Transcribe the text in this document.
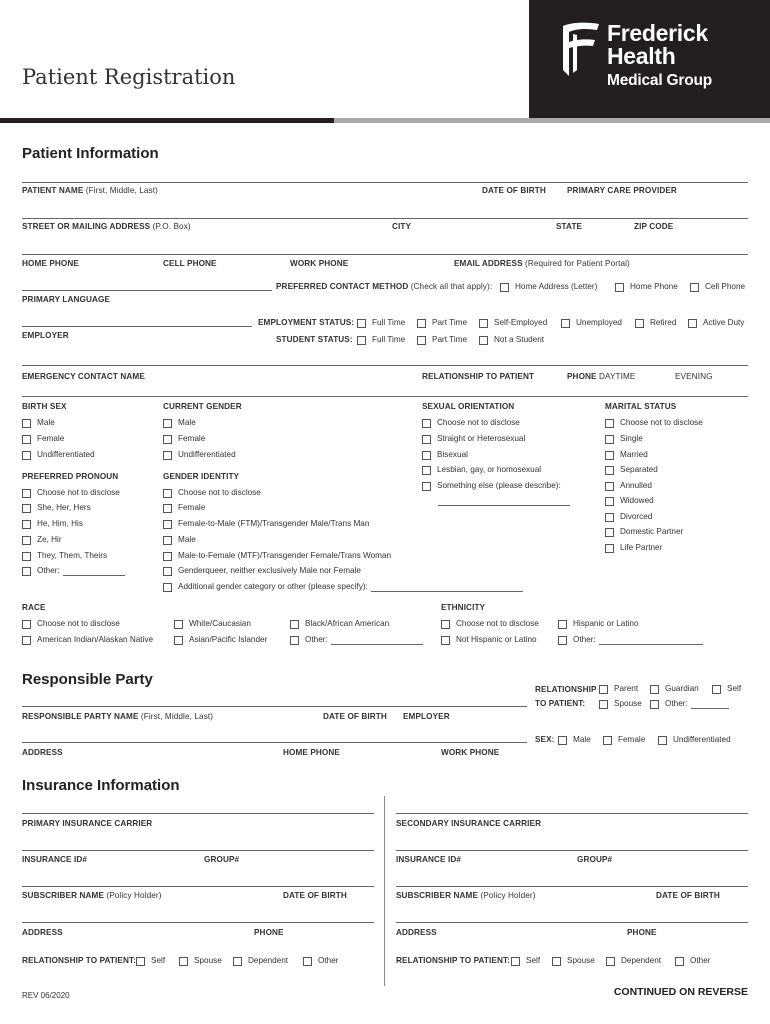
Patient Registration
Frederick
Health
Medical Group
Patient Information
PATIENT NAME (First, Middle, Last)	DATE OF BIRTH	PRIMARY CARE PROVIDER
STREET OR MAILING ADDRESS (P.O. Box)	CITY	STATE	ZIP CODE
HOME PHONE	CELL PHONE	WORK PHONE	EMAIL ADDRESS (Required for Patient Portal)
PREFERRED CONTACT METHOD (Check all that apply):	Home Address (Letter)	Home Phone	Cell Phone
PRIMARY LANGUAGE
EMPLOYER
EMPLOYMENT STATUS: Full Time	Part Time	Self-Employed	Unemployed	Retired	Active Duty
STUDENT STATUS: Full Time	Part Time	Not a Student
EMERGENCY CONTACT NAME	RELATIONSHIP TO PATIENT	PHONE DAYTIME	EVENING
BIRTH SEX
Male
Female
Undifferentiated
CURRENT GENDER
Male
Female
Undifferentiated
SEXUAL ORIENTATION
Choose not to disclose
Straight or Heterosexual
Bisexual
Lesbian, gay, or homosexual
Something else (please describe):
MARITAL STATUS
Choose not to disclose
Single
Married
Separated
Annulled
Widowed
Divorced
Domestic Partner
Life Partner
PREFERRED PRONOUN
Choose not to disclose
She, Her, Hers
He, Him, His
Ze, Hir
They, Them, Theirs
Other:
GENDER IDENTITY
Choose not to disclose
Female
Female-to-Male (FTM)/Transgender Male/Trans Man
Male
Male-to-Female (MTF)/Transgender Female/Trans Woman
Genderqueer, neither exclusively Male nor Female
Additional gender category or other (please specify):
RACE
Choose not to disclose
American Indian/Alaskan Native
White/Caucasian
Asian/Pacific Islander
Black/African American
Other:
ETHNICITY
Choose not to disclose
Not Hispanic or Latino
Hispanic or Latino
Other:
Responsible Party
RELATIONSHIP
TO PATIENT:
Parent	Guardian	Self
Spouse	Other:
RESPONSIBLE PARTY NAME (First, Middle, Last)	DATE OF BIRTH EMPLOYER
SEX: Male	Female	Undifferentiated
ADDRESS	HOME PHONE	WORK PHONE
Insurance Information
PRIMARY INSURANCE CARRIER	SECONDARY INSURANCE CARRIER
INSURANCE ID#	GROUP#	INSURANCE ID#	GROUP#
SUBSCRIBER NAME (Policy Holder)	DATE OF BIRTH	SUBSCRIBER NAME (Policy Holder)	DATE OF BIRTH
ADDRESS	PHONE	ADDRESS	PHONE
RELATIONSHIP TO PATIENT: Self	Spouse	Dependent	Other	RELATIONSHIP TO PATIENT: Self	Spouse	Dependent	Other
REV 06/2020	CONTINUED ON REVERSE
